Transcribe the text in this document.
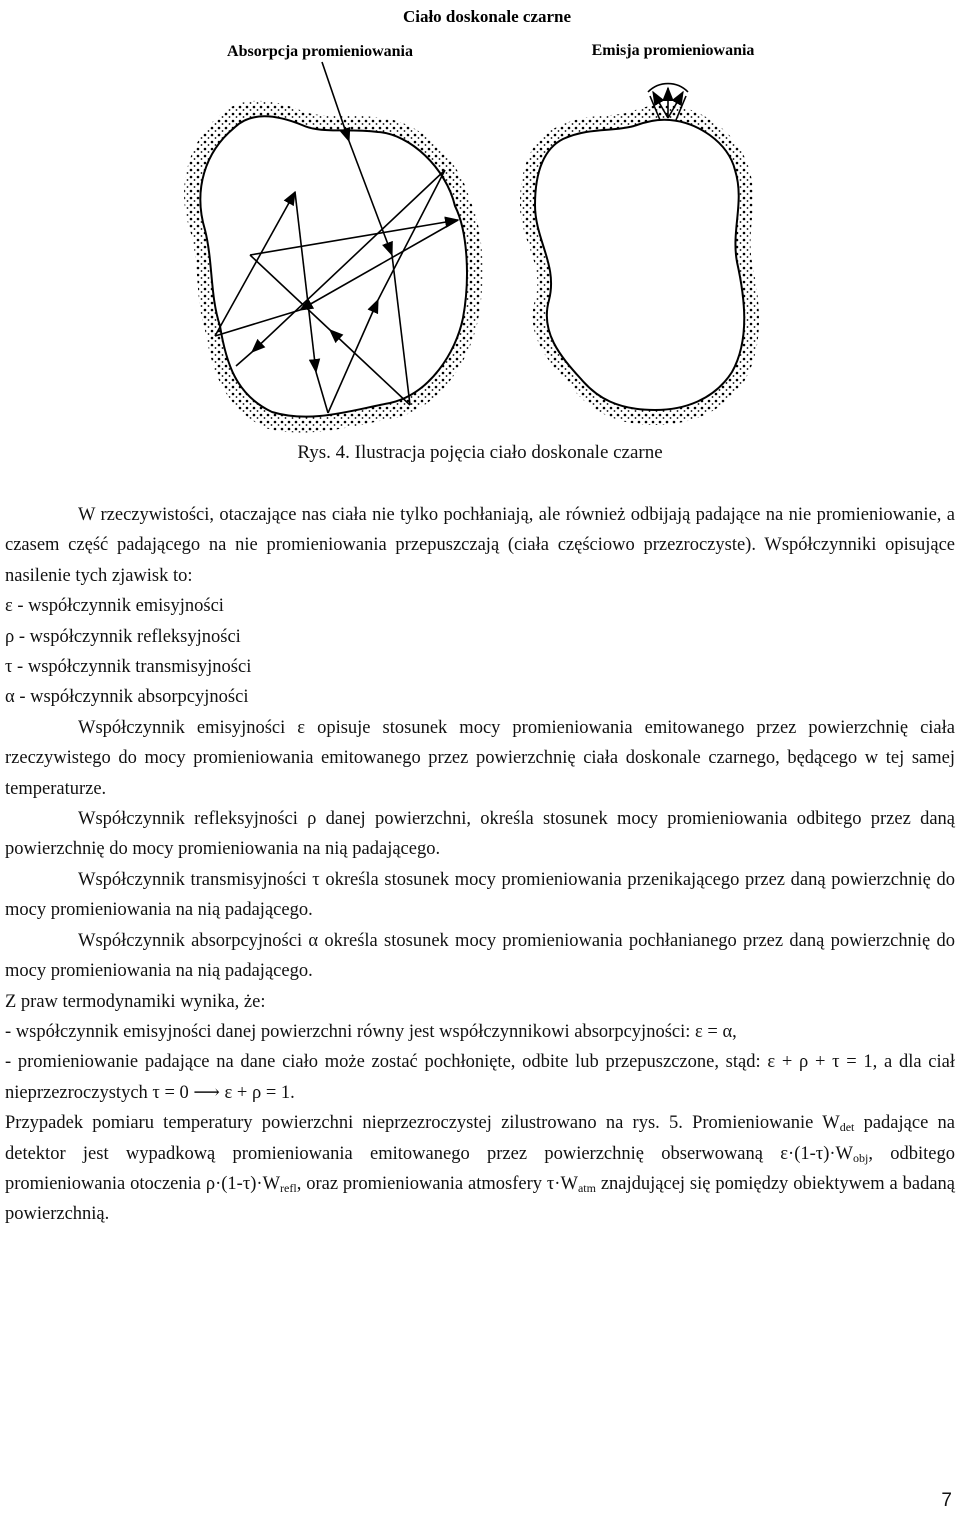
Ciało doskonale czarne
Absorpcja promieniowania	Emisja promieniowania
Rys. 4. Ilustracja pojęcia ciało doskonale czarne

W rzeczywistości, otaczające nas ciała nie tylko pochłaniają, ale również odbijają padające na nie promieniowanie, a czasem część padającego na nie promieniowania przepuszczają (ciała częściowo przezroczyste). Współczynniki opisujące nasilenie tych zjawisk to:

ε - współczynnik emisyjności

ρ - współczynnik refleksyjności

τ - współczynnik transmisyjności

α - współczynnik absorpcyjności

Współczynnik emisyjności ε opisuje stosunek mocy promieniowania emitowanego przez powierzchnię ciała rzeczywistego do mocy promieniowania emitowanego przez powierzchnię ciała doskonale czarnego, będącego w tej samej temperaturze.

Współczynnik refleksyjności ρ danej powierzchni, określa stosunek mocy promieniowania odbitego przez daną powierzchnię do mocy promieniowania na nią padającego.

Współczynnik transmisyjności τ określa stosunek mocy promieniowania przenikającego przez daną powierzchnię do mocy promieniowania na nią padającego.

Współczynnik absorpcyjności α określa stosunek mocy promieniowania pochłanianego przez daną powierzchnię do mocy promieniowania na nią padającego.

Z praw termodynamiki wynika, że:

- współczynnik emisyjności danej powierzchni równy jest współczynnikowi absorpcyjności: ε = α,

- promieniowanie padające na dane ciało może zostać pochłonięte, odbite lub przepuszczone, stąd: ε + ρ + τ = 1, a dla ciał nieprzezroczystych τ = 0 ⟶ ε + ρ = 1.

Przypadek pomiaru temperatury powierzchni nieprzezroczystej zilustrowano na rys. 5. Promieniowanie $W_{det}$ padające na detektor jest wypadkową promieniowania emitowanego przez powierzchnię obserwowaną $\varepsilon\cdot(1-\tau)\cdot W_{obj}$, odbitego promieniowania otoczenia $\rho\cdot(1-\tau)\cdot W_{refl}$, oraz promieniowania atmosfery $\tau\cdot W_{atm}$ znajdującej się pomiędzy obiektywem a badaną powierzchnią.

7
